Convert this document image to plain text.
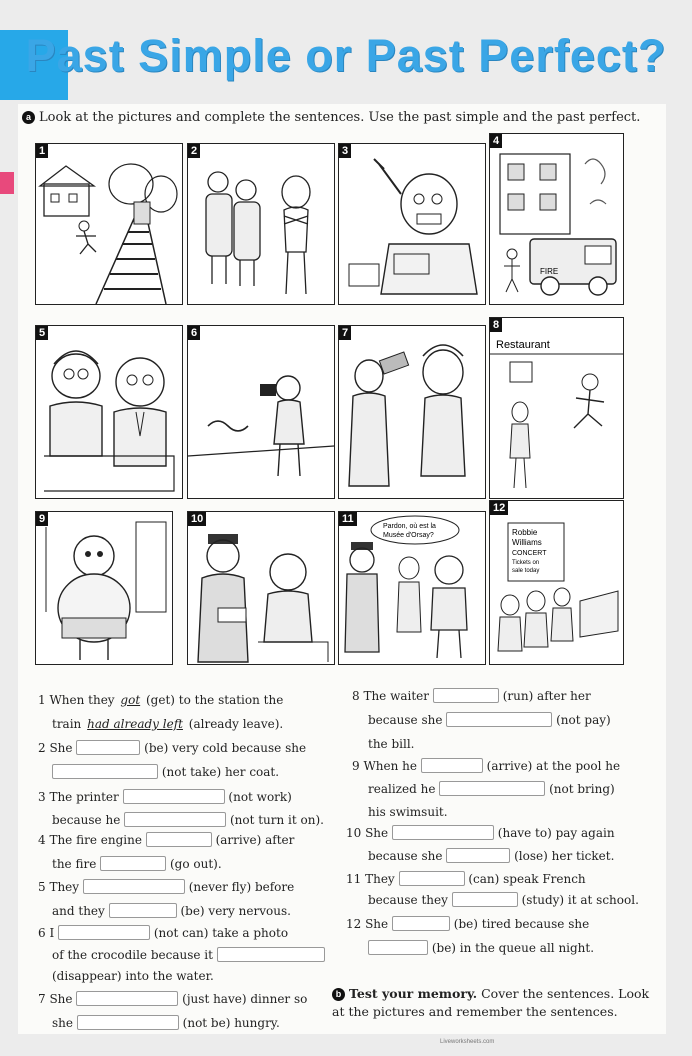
Past Simple or Past Perfect?
a Look at the pictures and complete the sentences. Use the past simple and the past perfect.
1	2	3
4
FIRE
5	6	7
8
Restaurant
9	10	11
Pardon, où est la
Musée d'Orsay?
12
Robbie
Williams
CONCERT
Tickets on
sale today
1 When they got (get) to the station the
train had already left (already leave).
2 She	(be) very cold because she
(not take) her coat.
3 The printer	(not work)
because he	(not turn it on).
4 The fire engine	(arrive) after
the fire	(go out).
5 They	(never fly) before
and they	(be) very nervous.
6 I	(not can) take a photo
of the crocodile because it
(disappear) into the water.
7 She	(just have) dinner so
she	(not be) hungry.
8 The waiter	(run) after her
because she	(not pay)
the bill.
9 When he	(arrive) at the pool he
realized he	(not bring)
his swimsuit.
10 She	(have to) pay again
because she	(lose) her ticket.
11 They	(can) speak French
because they	(study) it at school.
12 She	(be) tired because she
(be) in the queue all night.
b Test your memory. Cover the sentences. Look at the pictures and remember the sentences.
Liveworksheets.com
